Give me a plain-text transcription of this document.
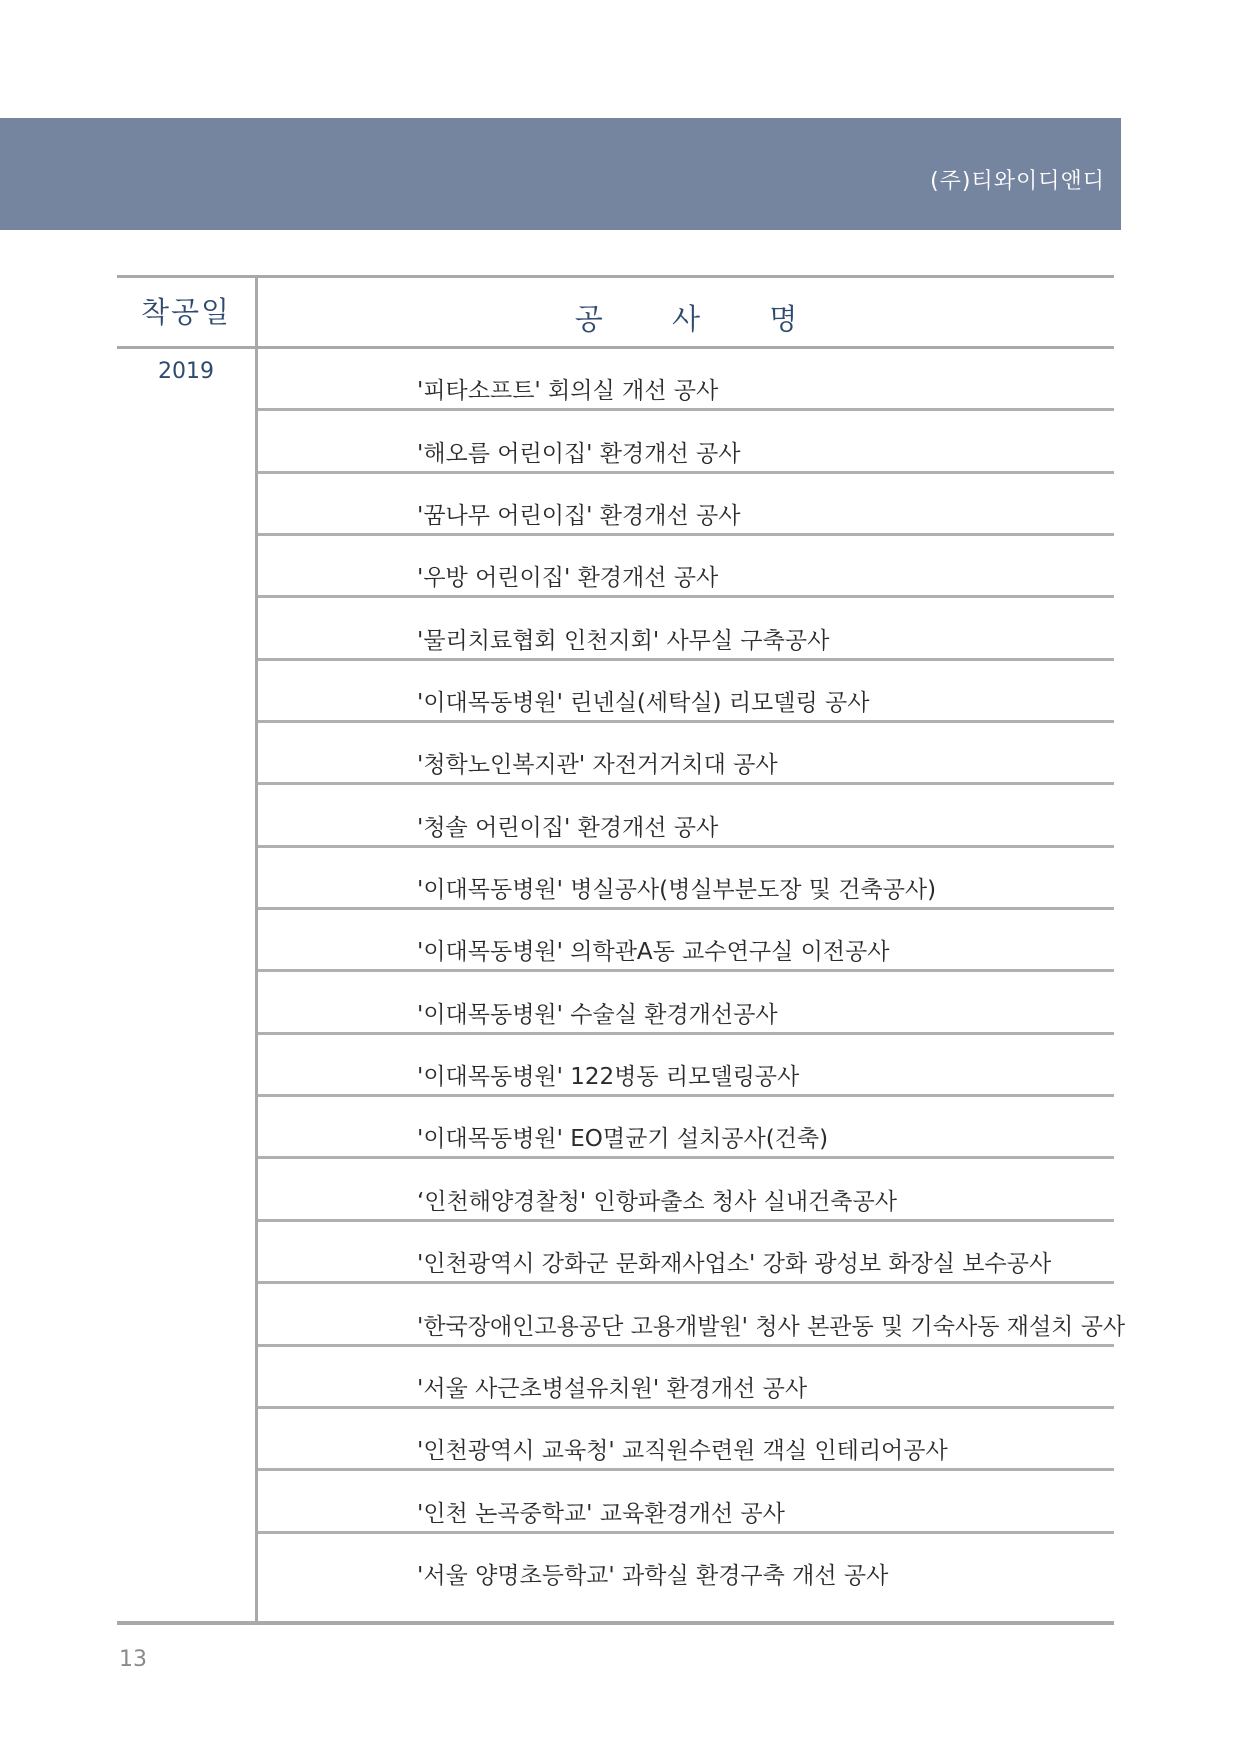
(주)티와이디앤디
착공일	공 사 명
2019
'피타소프트' 회의실 개선 공사
'해오름 어린이집' 환경개선 공사
'꿈나무 어린이집' 환경개선 공사
'우방 어린이집' 환경개선 공사
'물리치료협회 인천지회' 사무실 구축공사
'이대목동병원' 린넨실(세탁실) 리모델링 공사
'청학노인복지관' 자전거거치대 공사
'청솔 어린이집' 환경개선 공사
'이대목동병원' 병실공사(병실부분도장 및 건축공사)
'이대목동병원' 의학관A동 교수연구실 이전공사
'이대목동병원' 수술실 환경개선공사
'이대목동병원' 122병동 리모델링공사
'이대목동병원' EO멸균기 설치공사(건축)
‘인천해양경찰청' 인항파출소 청사 실내건축공사
'인천광역시 강화군 문화재사업소' 강화 광성보 화장실 보수공사
'한국장애인고용공단 고용개발원' 청사 본관동 및 기숙사동 재설치 공사
'서울 사근초병설유치원' 환경개선 공사
'인천광역시 교육청' 교직원수련원 객실 인테리어공사
'인천 논곡중학교' 교육환경개선 공사
'서울 양명초등학교' 과학실 환경구축 개선 공사
13
